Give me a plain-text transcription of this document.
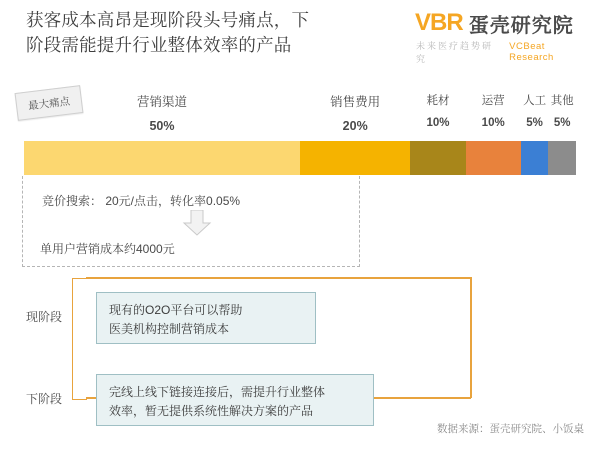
获客成本高昂是现阶段头号痛点，下
阶段需能提升行业整体效率的产品
V B R 蛋壳研究院
未来医疗趋势研究
VCBeat Research
最大痛点	营销渠道
50%
销售费用
20%
耗材
10%
运营
10%
人工
5%
其他
5%
竞价搜索： 20元/点击，转化率0.05%
单用户营销成本约4000元
现阶段	现有的O2O平台可以帮助
医美机构控制营销成本
下阶段	完线上线下链接连接后，需提升行业整体
效率，暂无提供系统性解决方案的产品
数据来源：蛋壳研究院、小饭桌
